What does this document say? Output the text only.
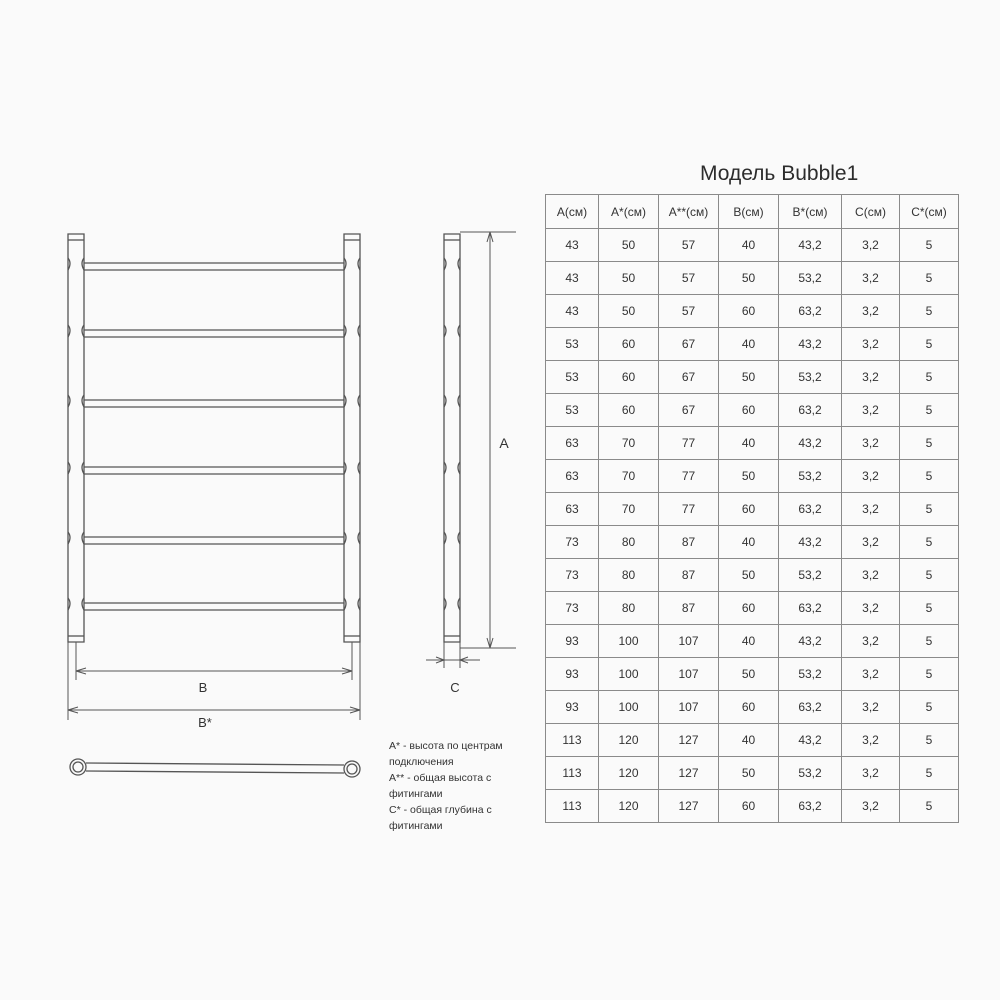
B
B*
A
C
Модель Bubble1
А(см)	А*(см)	А**(см)	В(см)	В*(см)	С(см)	С*(см)
43	50	57	40	43,2	3,2	5
43	50	57	50	53,2	3,2	5
43	50	57	60	63,2	3,2	5
53	60	67	40	43,2	3,2	5
53	60	67	50	53,2	3,2	5
53	60	67	60	63,2	3,2	5
63	70	77	40	43,2	3,2	5
63	70	77	50	53,2	3,2	5
63	70	77	60	63,2	3,2	5
73	80	87	40	43,2	3,2	5
73	80	87	50	53,2	3,2	5
73	80	87	60	63,2	3,2	5
93	100	107	40	43,2	3,2	5
93	100	107	50	53,2	3,2	5
93	100	107	60	63,2	3,2	5
113	120	127	40	43,2	3,2	5
113	120	127	50	53,2	3,2	5
113	120	127	60	63,2	3,2	5
А* - высота по центрам
подключения
А** - общая высота с
фитингами
С* - общая глубина с
фитингами
